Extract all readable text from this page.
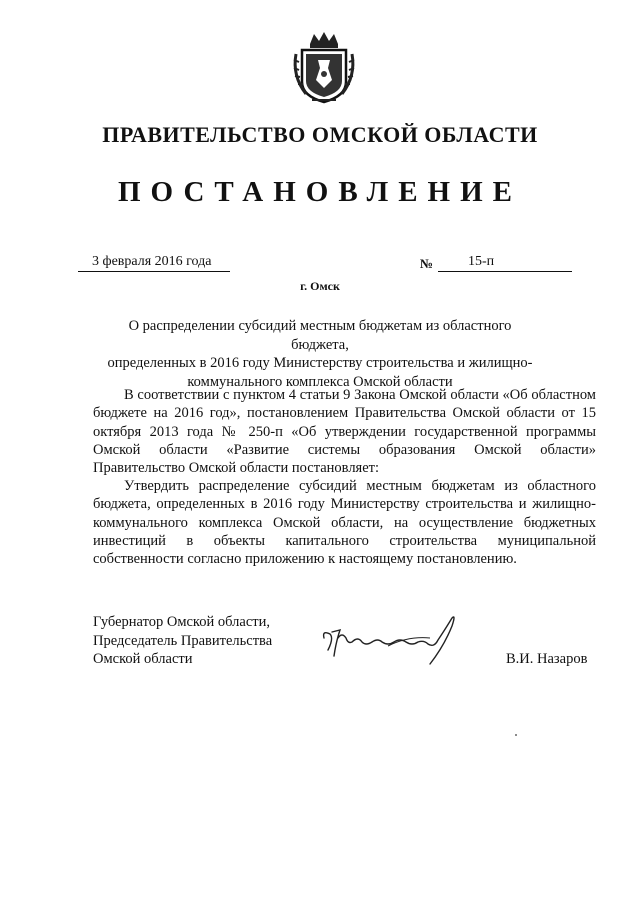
ПРАВИТЕЛЬСТВО ОМСКОЙ ОБЛАСТИ
ПОСТАНОВЛЕНИЕ
3 февраля 2016 года	№	15-п
г. Омск
О распределении субсидий местным бюджетам из областного бюджета,
определенных в 2016 году Министерству строительства и жилищно-
коммунального комплекса Омской области

В соответствии с пунктом 4 статьи 9 Закона Омской области «Об областном бюджете на 2016 год», постановлением Правительства Омской области от 15 октября 2013 года № 250-п «Об утверждении государственной программы Омской области «Развитие системы образования Омской области» Правительство Омской области постановляет:

Утвердить распределение субсидий местным бюджетам из областного бюджета, определенных в 2016 году Министерству строительства и жилищно-коммунального комплекса Омской области, на осуществление бюджетных инвестиций в объекты капитального строительства муниципальной собственности согласно приложению к настоящему постановлению.

Губернатор Омской области,
Председатель Правительства
Омской области	В.И. Назаров
